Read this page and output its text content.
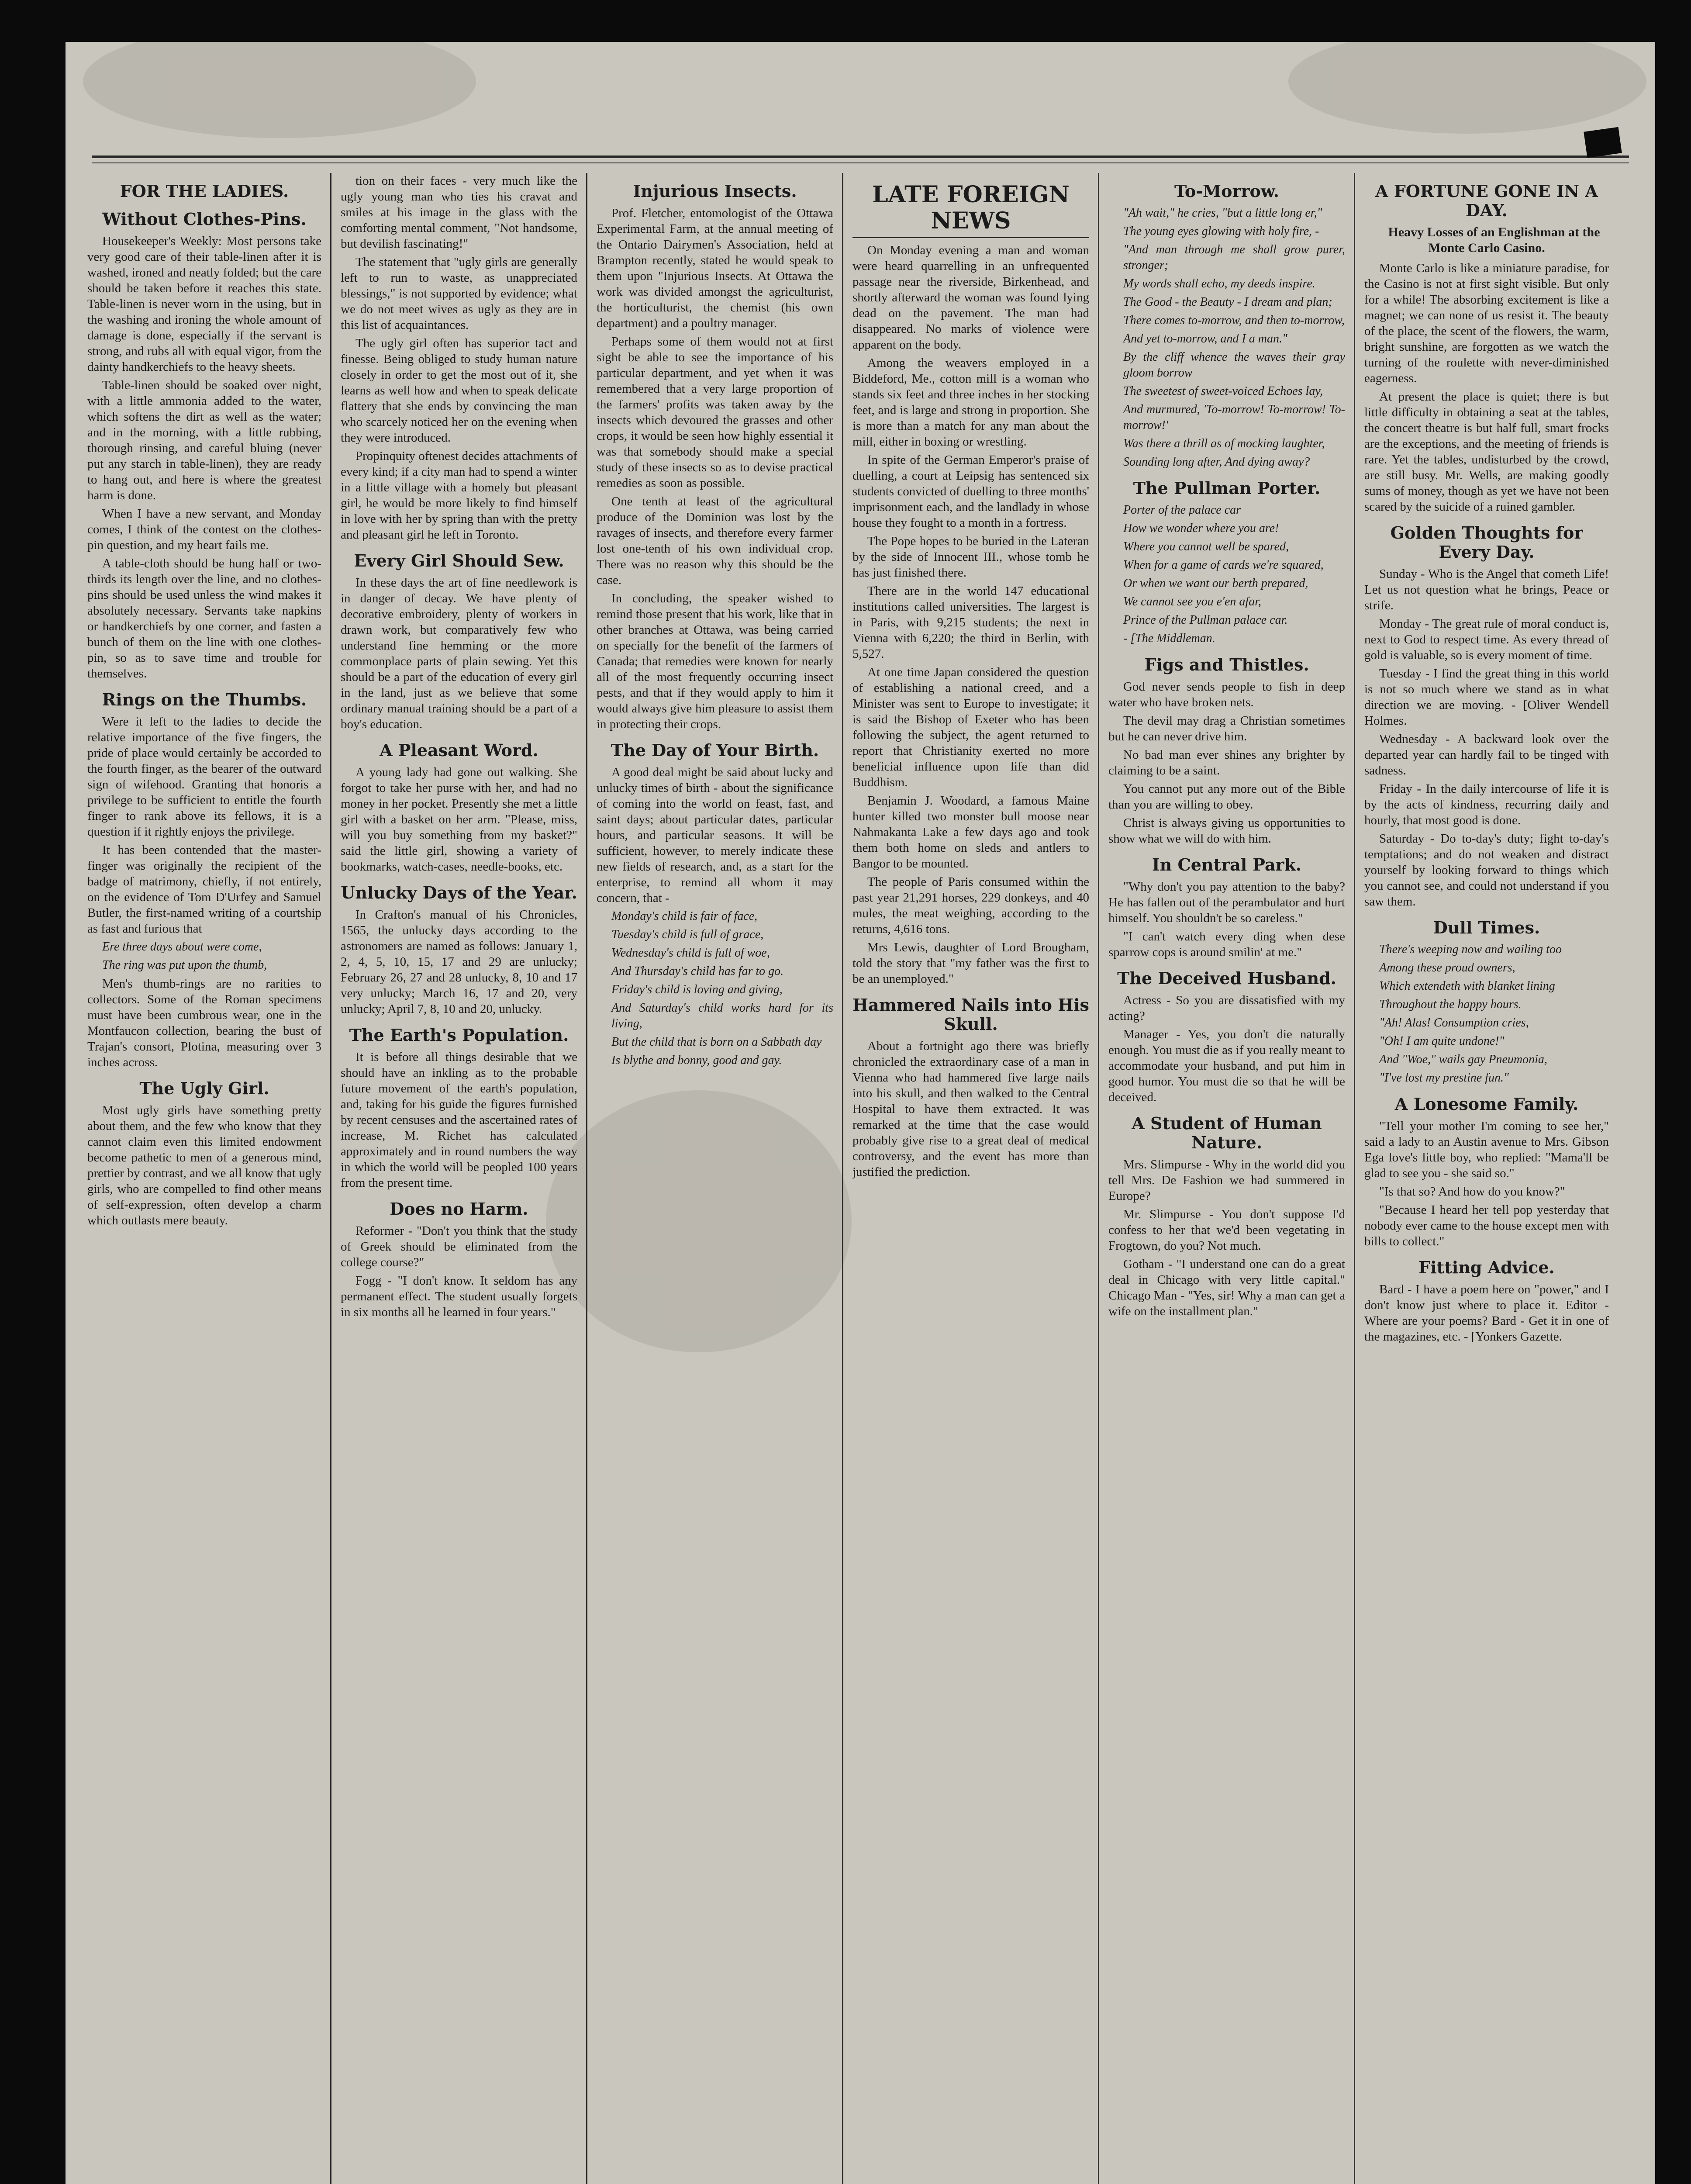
FOR THE LADIES.
Without Clothes-Pins.

Housekeeper's Weekly: Most persons take very good care of their table-linen after it is washed, ironed and neatly folded; but the care should be taken before it reaches this state. Table-linen is never worn in the using, but in the washing and ironing the whole amount of damage is done, especially if the servant is strong, and rubs all with equal vigor, from the dainty handkerchiefs to the heavy sheets.

Table-linen should be soaked over night, with a little ammonia added to the water, which softens the dirt as well as the water; and in the morning, with a little rubbing, thorough rinsing, and careful bluing (never put any starch in table-linen), they are ready to hang out, and here is where the greatest harm is done.

When I have a new servant, and Monday comes, I think of the contest on the clothes-pin question, and my heart fails me.

A table-cloth should be hung half or two-thirds its length over the line, and no clothes-pins should be used unless the wind makes it absolutely necessary. Servants take napkins or handkerchiefs by one corner, and fasten a bunch of them on the line with one clothes-pin, so as to save time and trouble for themselves.

Rings on the Thumbs.

Were it left to the ladies to decide the relative importance of the five fingers, the pride of place would certainly be accorded to the fourth finger, as the bearer of the outward sign of wifehood. Granting that honoris a privilege to be sufficient to entitle the fourth finger to rank above its fellows, it is a question if it rightly enjoys the privilege.

It has been contended that the master-finger was originally the recipient of the badge of matrimony, chiefly, if not entirely, on the evidence of Tom D'Urfey and Samuel Butler, the first-named writing of a courtship as fast and furious that

Ere three days about were come,

The ring was put upon the thumb,

Men's thumb-rings are no rarities to collectors. Some of the Roman specimens must have been cumbrous wear, one in the Montfaucon collection, bearing the bust of Trajan's consort, Plotina, measuring over 3 inches across.

The Ugly Girl.

Most ugly girls have something pretty about them, and the few who know that they cannot claim even this limited endowment become pathetic to men of a generous mind, prettier by contrast, and we all know that ugly girls, who are compelled to find other means of self-expression, often develop a charm which outlasts mere beauty.

tion on their faces - very much like the ugly young man who ties his cravat and smiles at his image in the glass with the comforting mental comment, "Not handsome, but devilish fascinating!"

The statement that "ugly girls are generally left to run to waste, as unappreciated blessings," is not supported by evidence; what we do not meet wives as ugly as they are in this list of acquaintances.

The ugly girl often has superior tact and finesse. Being obliged to study human nature closely in order to get the most out of it, she learns as well how and when to speak delicate flattery that she ends by convincing the man who scarcely noticed her on the evening when they were introduced.

Propinquity oftenest decides attachments of every kind; if a city man had to spend a winter in a little village with a homely but pleasant girl, he would be more likely to find himself in love with her by spring than with the pretty and pleasant girl he left in Toronto.

Every Girl Should Sew.

In these days the art of fine needlework is in danger of decay. We have plenty of decorative embroidery, plenty of workers in drawn work, but comparatively few who understand fine hemming or the more commonplace parts of plain sewing. Yet this should be a part of the education of every girl in the land, just as we believe that some ordinary manual training should be a part of a boy's education.

A Pleasant Word.

A young lady had gone out walking. She forgot to take her purse with her, and had no money in her pocket. Presently she met a little girl with a basket on her arm. "Please, miss, will you buy something from my basket?" said the little girl, showing a variety of bookmarks, watch-cases, needle-books, etc.

Unlucky Days of the Year.

In Crafton's manual of his Chronicles, 1565, the unlucky days according to the astronomers are named as follows: January 1, 2, 4, 5, 10, 15, 17 and 29 are unlucky; February 26, 27 and 28 unlucky, 8, 10 and 17 very unlucky; March 16, 17 and 20, very unlucky; April 7, 8, 10 and 20, unlucky.

The Earth's Population.

It is before all things desirable that we should have an inkling as to the probable future movement of the earth's population, and, taking for his guide the figures furnished by recent censuses and the ascertained rates of increase, M. Richet has calculated approximately and in round numbers the way in which the world will be peopled 100 years from the present time.

Does no Harm.

Reformer - "Don't you think that the study of Greek should be eliminated from the college course?"

Fogg - "I don't know. It seldom has any permanent effect. The student usually forgets in six months all he learned in four years."

Injurious Insects.

Prof. Fletcher, entomologist of the Ottawa Experimental Farm, at the annual meeting of the Ontario Dairymen's Association, held at Brampton recently, stated he would speak to them upon "Injurious Insects. At Ottawa the work was divided amongst the agriculturist, the horticulturist, the chemist (his own department) and a poultry manager.

Perhaps some of them would not at first sight be able to see the importance of his particular department, and yet when it was remembered that a very large proportion of the farmers' profits was taken away by the insects which devoured the grasses and other crops, it would be seen how highly essential it was that somebody should make a special study of these insects so as to devise practical remedies as soon as possible.

One tenth at least of the agricultural produce of the Dominion was lost by the ravages of insects, and therefore every farmer lost one-tenth of his own individual crop. There was no reason why this should be the case.

In concluding, the speaker wished to remind those present that his work, like that in other branches at Ottawa, was being carried on specially for the benefit of the farmers of Canada; that remedies were known for nearly all of the most frequently occurring insect pests, and that if they would apply to him it would always give him pleasure to assist them in protecting their crops.

The Day of Your Birth.

A good deal might be said about lucky and unlucky times of birth - about the significance of coming into the world on feast, fast, and saint days; about particular dates, particular hours, and particular seasons. It will be sufficient, however, to merely indicate these new fields of research, and, as a start for the enterprise, to remind all whom it may concern, that -

Monday's child is fair of face,

Tuesday's child is full of grace,

Wednesday's child is full of woe,

And Thursday's child has far to go.

Friday's child is loving and giving,

And Saturday's child works hard for its living,

But the child that is born on a Sabbath day

Is blythe and bonny, good and gay.

LATE FOREIGN NEWS

On Monday evening a man and woman were heard quarrelling in an unfrequented passage near the riverside, Birkenhead, and shortly afterward the woman was found lying dead on the pavement. The man had disappeared. No marks of violence were apparent on the body.

Among the weavers employed in a Biddeford, Me., cotton mill is a woman who stands six feet and three inches in her stocking feet, and is large and strong in proportion. She is more than a match for any man about the mill, either in boxing or wrestling.

In spite of the German Emperor's praise of duelling, a court at Leipsig has sentenced six students convicted of duelling to three months' imprisonment each, and the landlady in whose house they fought to a month in a fortress.

The Pope hopes to be buried in the Lateran by the side of Innocent III., whose tomb he has just finished there.

There are in the world 147 educational institutions called universities. The largest is in Paris, with 9,215 students; the next in Vienna with 6,220; the third in Berlin, with 5,527.

At one time Japan considered the question of establishing a national creed, and a Minister was sent to Europe to investigate; it is said the Bishop of Exeter who has been following the subject, the agent returned to report that Christianity exerted no more beneficial influence upon life than did Buddhism.

Benjamin J. Woodard, a famous Maine hunter killed two monster bull moose near Nahmakanta Lake a few days ago and took them both home on sleds and antlers to Bangor to be mounted.

The people of Paris consumed within the past year 21,291 horses, 229 donkeys, and 40 mules, the meat weighing, according to the returns, 4,616 tons.

Mrs Lewis, daughter of Lord Brougham, told the story that "my father was the first to be an unemployed."

Hammered Nails into His Skull.

About a fortnight ago there was briefly chronicled the extraordinary case of a man in Vienna who had hammered five large nails into his skull, and then walked to the Central Hospital to have them extracted. It was remarked at the time that the case would probably give rise to a great deal of medical controversy, and the event has more than justified the prediction.

To-Morrow.

"Ah wait," he cries, "but a little long er,"

The young eyes glowing with holy fire, -

"And man through me shall grow purer, stronger;

My words shall echo, my deeds inspire.

The Good - the Beauty - I dream and plan;

There comes to-morrow, and then to-morrow,

And yet to-morrow, and I a man."

By the cliff whence the waves their gray gloom borrow

The sweetest of sweet-voiced Echoes lay,

And murmured, 'To-morrow! To-morrow! To-morrow!'

Was there a thrill as of mocking laughter,

Sounding long after, And dying away?

The Pullman Porter.

Porter of the palace car

How we wonder where you are!

Where you cannot well be spared,

When for a game of cards we're squared,

Or when we want our berth prepared,

We cannot see you e'en afar,

Prince of the Pullman palace car.

- [The Middleman.

Figs and Thistles.

God never sends people to fish in deep water who have broken nets.

The devil may drag a Christian sometimes but he can never drive him.

No bad man ever shines any brighter by claiming to be a saint.

You cannot put any more out of the Bible than you are willing to obey.

Christ is always giving us opportunities to show what we will do with him.

In Central Park.

"Why don't you pay attention to the baby? He has fallen out of the perambulator and hurt himself. You shouldn't be so careless."

"I can't watch every ding when dese sparrow cops is around smilin' at me."

The Deceived Husband.

Actress - So you are dissatisfied with my acting?

Manager - Yes, you don't die naturally enough. You must die as if you really meant to accommodate your husband, and put him in good humor. You must die so that he will be deceived.

A Student of Human Nature.

Mrs. Slimpurse - Why in the world did you tell Mrs. De Fashion we had summered in Europe?

Mr. Slimpurse - You don't suppose I'd confess to her that we'd been vegetating in Frogtown, do you? Not much.

Gotham - "I understand one can do a great deal in Chicago with very little capital." Chicago Man - "Yes, sir! Why a man can get a wife on the installment plan."

A FORTUNE GONE IN A DAY.

Heavy Losses of an Englishman at the Monte Carlo Casino.

Monte Carlo is like a miniature paradise, for the Casino is not at first sight visible. But only for a while! The absorbing excitement is like a magnet; we can none of us resist it. The beauty of the place, the scent of the flowers, the warm, bright sunshine, are forgotten as we watch the turning of the roulette with never-diminished eagerness.

At present the place is quiet; there is but little difficulty in obtaining a seat at the tables, the concert theatre is but half full, smart frocks are the exceptions, and the meeting of friends is rare. Yet the tables, undisturbed by the crowd, are still busy. Mr. Wells, are making goodly sums of money, though as yet we have not been scared by the suicide of a ruined gambler.

Golden Thoughts for Every Day.

Sunday - Who is the Angel that cometh Life! Let us not question what he brings, Peace or strife.

Monday - The great rule of moral conduct is, next to God to respect time. As every thread of gold is valuable, so is every moment of time.

Tuesday - I find the great thing in this world is not so much where we stand as in what direction we are moving. - [Oliver Wendell Holmes.

Wednesday - A backward look over the departed year can hardly fail to be tinged with sadness.

Friday - In the daily intercourse of life it is by the acts of kindness, recurring daily and hourly, that most good is done.

Saturday - Do to-day's duty; fight to-day's temptations; and do not weaken and distract yourself by looking forward to things which you cannot see, and could not understand if you saw them.

Dull Times.

There's weeping now and wailing too

Among these proud owners,

Which extendeth with blanket lining

Throughout the happy hours.

"Ah! Alas! Consumption cries,

"Oh! I am quite undone!"

And "Woe," wails gay Pneumonia,

"I've lost my prestine fun."

A Lonesome Family.

"Tell your mother I'm coming to see her," said a lady to an Austin avenue to Mrs. Gibson Ega love's little boy, who replied: "Mama'll be glad to see you - she said so."

"Is that so? And how do you know?"

"Because I heard her tell pop yesterday that nobody ever came to the house except men with bills to collect."

Fitting Advice.

Bard - I have a poem here on "power," and I don't know just where to place it. Editor - Where are your poems? Bard - Get it in one of the magazines, etc. - [Yonkers Gazette.
